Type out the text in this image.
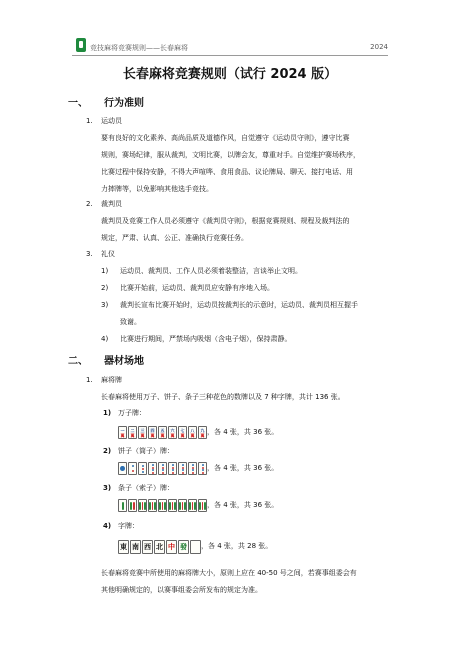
竞技麻将竞赛规则——长春麻将	2024
长春麻将竞赛规则（试行 2024 版）
一、 行为准则
1. 运动员
要有良好的文化素养、高尚品质及道德作风，自觉遵守《运动员守则》，遵守比赛
规则，赛场纪律，服从裁判，文明比赛，以牌会友，尊重对手。自觉维护赛场秩序，
比赛过程中保持安静，不得大声喧哗、食用食品、议论牌局、聊天、接打电话、用
力摔牌等，以免影响其他选手竞技。
2. 裁判员
裁判员及竞赛工作人员必须遵守《裁判员守则》，根据竞赛规则、规程及裁判法的
规定，严肃、认真、公正、准确执行竞赛任务。
3. 礼仪
1) 运动员、裁判员、工作人员必须着装整洁，言谈举止文明。
2) 比赛开始前，运动员、裁判员应安静有序地入场。
3) 裁判长宣布比赛开始时，运动员按裁判长的示意时，运动员、裁判员相互握手
致谢。
4) 比赛进行期间，严禁场内吸烟（含电子烟），保持肃静。
二、 器材场地
1. 麻将牌
长春麻将使用万子、饼子、条子三种花色的数牌以及 7 种字牌，共计 136 张。
1) 万子牌：
一
萬
二
萬
三
萬
四
萬
五
萬
六
萬
七
萬
八
萬
九
萬 ，各 4 张，共 36 张。
2) 饼子（筒子）牌：
，各 4 张，共 36 张。
3) 条子（索子）牌：
，各 4 张，共 36 张。
4) 字牌：
東 南 西 北 中 發 ，各 4 张，共 28 张。
长春麻将竞赛中所使用的麻将牌大小，原则上应在 40-50 号之间，若赛事组委会有
其他明确规定的，以赛事组委会所发布的规定为准。
